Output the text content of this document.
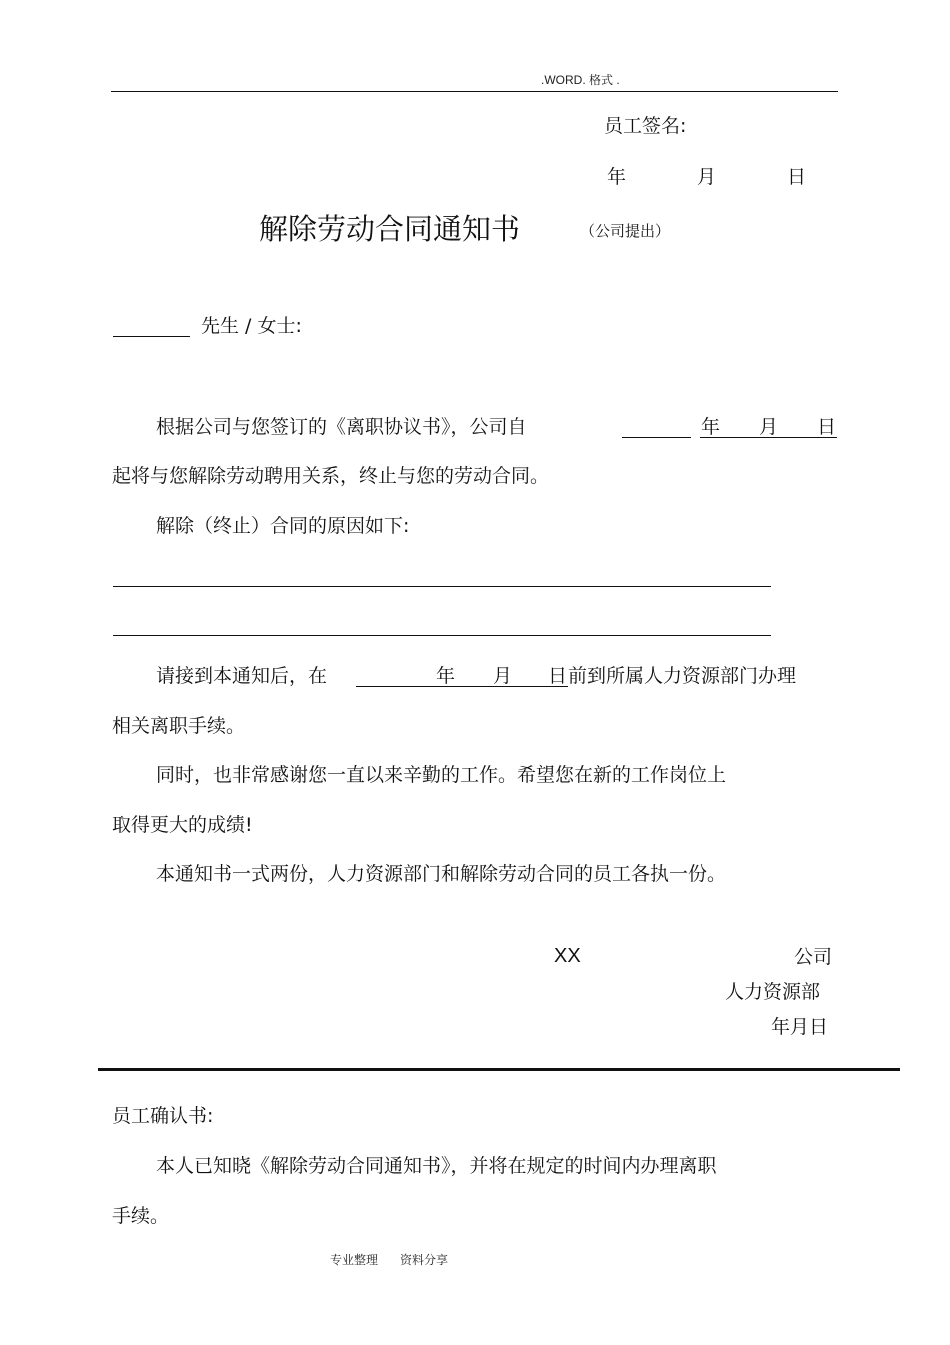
.WORD. 格式 .
员工签名:
年	月	日
解除劳动合同通知书	（公司提出）
先生 / 女士:
根据公司与您签订的《离职协议书》，公司自	年 月 日
起将与您解除劳动聘用关系，终止与您的劳动合同。
解除（终止）合同的原因如下:
请接到本通知后，在	年 月 日 前到所属人力资源部门办理
相关离职手续。
同时，也非常感谢您一直以来辛勤的工作。希望您在新的工作岗位上
取得更大的成绩!
本通知书一式两份，人力资源部门和解除劳动合同的员工各执一份。
XX	公司
人力资源部
年月日
员工确认书:
本人已知晓《解除劳动合同通知书》，并将在规定的时间内办理离职
手续。
专业整理 资料分享
